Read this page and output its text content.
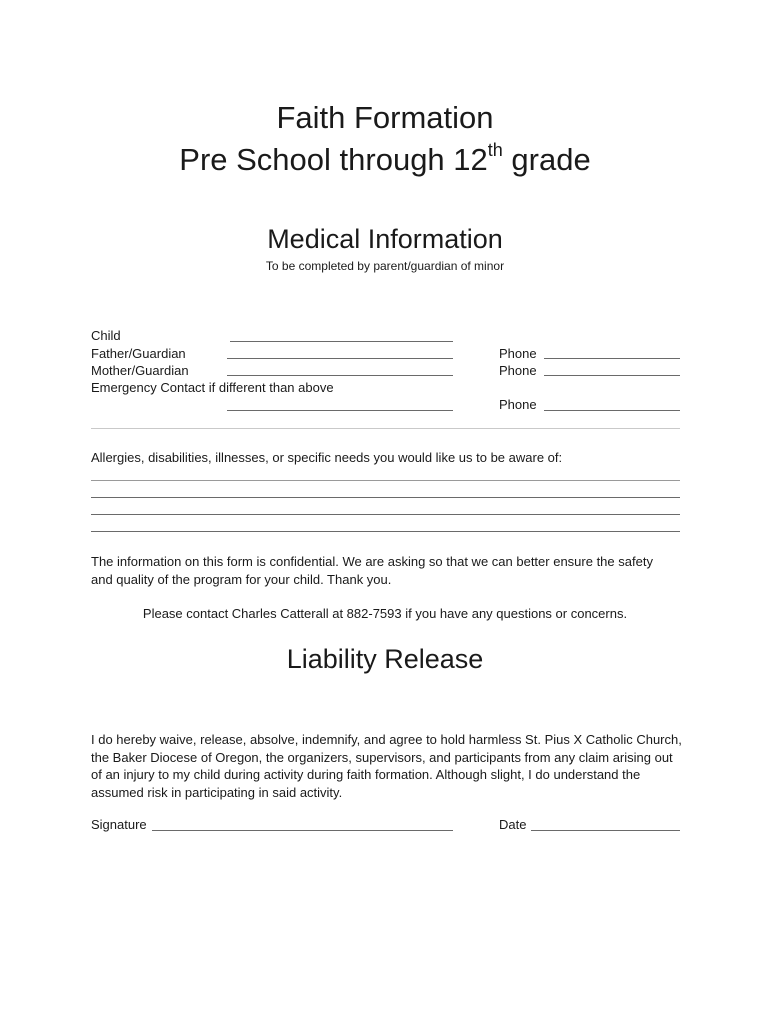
Faith Formation
Pre School through 12th grade
Medical Information
To be completed by parent/guardian of minor
Child
Father/Guardian	Phone
Mother/Guardian	Phone
Emergency Contact if different than above
Phone
Allergies, disabilities, illnesses, or specific needs you would like us to be aware of:
The information on this form is confidential. We are asking so that we can better ensure the safety
and quality of the program for your child. Thank you.
Please contact Charles Catterall at 882-7593 if you have any questions or concerns.
Liability Release
I do hereby waive, release, absolve, indemnify, and agree to hold harmless St. Pius X Catholic Church,
the Baker Diocese of Oregon, the organizers, supervisors, and participants from any claim arising out
of an injury to my child during activity during faith formation. Although slight, I do understand the
assumed risk in participating in said activity.
Signature	Date
